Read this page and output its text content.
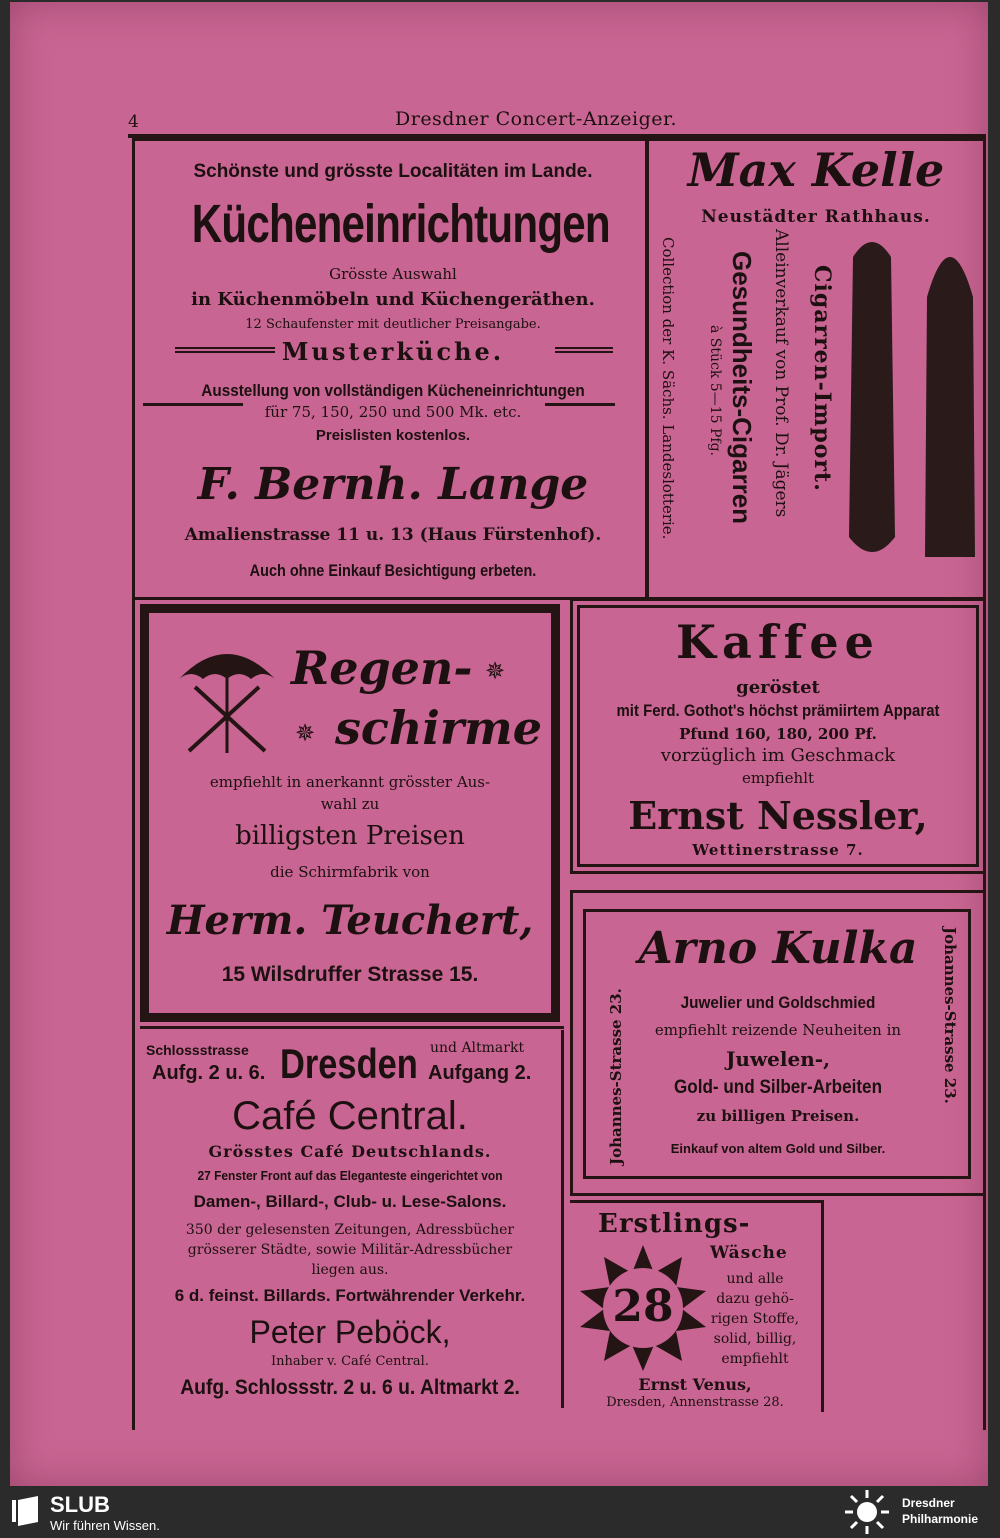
4	Dresdner Concert-Anzeiger.
Schönste und grösste Localitäten im Lande.
Kücheneinrichtungen
Grösste Auswahl
in Küchenmöbeln und Küchengeräthen.
12 Schaufenster mit deutlicher Preisangabe.
Musterküche.
Ausstellung von vollständigen Kücheneinrichtungen
für 75, 150, 250 und 500 Mk. etc.
Preislisten kostenlos.
F. Bernh. Lange
Amalienstrasse 11 u. 13 (Haus Fürstenhof).
Auch ohne Einkauf Besichtigung erbeten.
Max Kelle
Neustädter Rathhaus.
Collection der K. Sächs. Landeslotterie. à Stück 5—15 Pfg. Gesundheits-Cigarren Alleinverkauf von Prof. Dr. Jägers Cigarren-Import.
Regen- ✵
✵ schirme
empfiehlt in anerkannt grösster Aus-
wahl zu
billigsten Preisen
die Schirmfabrik von
Herm. Teuchert,
15 Wilsdruffer Strasse 15.
Kaffee
geröstet
mit Ferd. Gothot's höchst prämiirtem Apparat
Pfund 160, 180, 200 Pf.
vorzüglich im Geschmack
empfiehlt
Ernst Nessler,
Wettinerstrasse 7.
Johannes-Strasse 23.	Johannes-Strasse 23.
Arno Kulka
Juwelier und Goldschmied
empfiehlt reizende Neuheiten in
Juwelen-,
Gold- und Silber-Arbeiten
zu billigen Preisen.
Einkauf von altem Gold und Silber.
Schlossstrasse
Aufg. 2 u. 6. Dresden und Altmarkt
Aufgang 2.
Café Central.
Grösstes Café Deutschlands.
27 Fenster Front auf das Eleganteste eingerichtet von
Damen-, Billard-, Club- u. Lese-Salons.
350 der gelesensten Zeitungen, Adressbücher
grösserer Städte, sowie Militär-Adressbücher
liegen aus.
6 d. feinst. Billards. Fortwährender Verkehr.
Peter Peböck,
Inhaber v. Café Central.
Aufg. Schlossstr. 2 u. 6 u. Altmarkt 2.
Erstlings-
Wäsche
28
und alle
dazu gehö-
rigen Stoffe,
solid, billig,
empfiehlt
Ernst Venus,
Dresden, Annenstrasse 28.
SLUB
Wir führen Wissen.
Dresdner
Philharmonie
